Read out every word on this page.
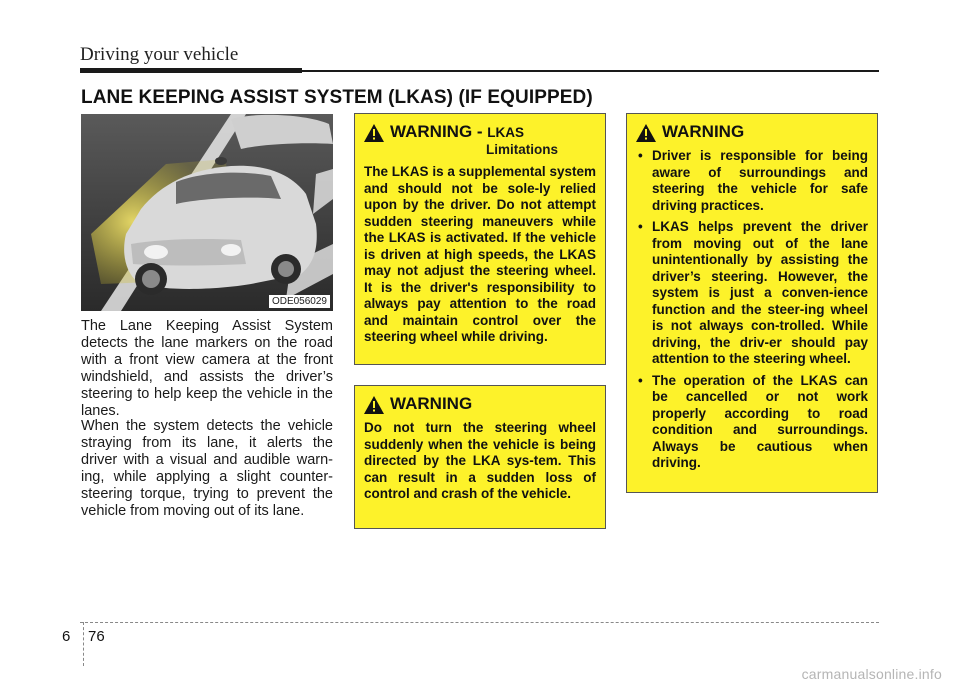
Driving your vehicle
LANE KEEPING ASSIST SYSTEM (LKAS) (IF EQUIPPED)
ODE056029

The Lane Keeping Assist System detects the lane markers on the road with a front view camera at the front windshield, and assists the driver’s steering to help keep the vehicle in the lanes.

When the system detects the vehicle straying from its lane, it alerts the driver with a visual and audible warn-ing, while applying a slight counter-steering torque, trying to prevent the vehicle from moving out of its lane.

WARNING - LKAS
Limitations

The LKAS is a supplemental system and should not be sole-ly relied upon by the driver. Do not attempt sudden steering maneuvers while the LKAS is activated. If the vehicle is driven at high speeds, the LKAS may not adjust the steering wheel. It is the driver's responsibility to always pay attention to the road and maintain control over the steering wheel while driving.

WARNING

Do not turn the steering wheel suddenly when the vehicle is being directed by the LKA sys-tem. This can result in a sudden loss of control and crash of the vehicle.

WARNING
• Driver is responsible for being aware of surroundings and steering the vehicle for safe driving practices.
• LKAS helps prevent the driver from moving out of the lane unintentionally by assisting the driver’s steering. However, the system is just a conven-ience function and the steer-ing wheel is not always con-trolled. While driving, the driv-er should pay attention to the steering wheel.
• The operation of the LKAS can be cancelled or not work properly according to road condition and surroundings. Always be cautious when driving.
6 76
carmanualsonline.info
